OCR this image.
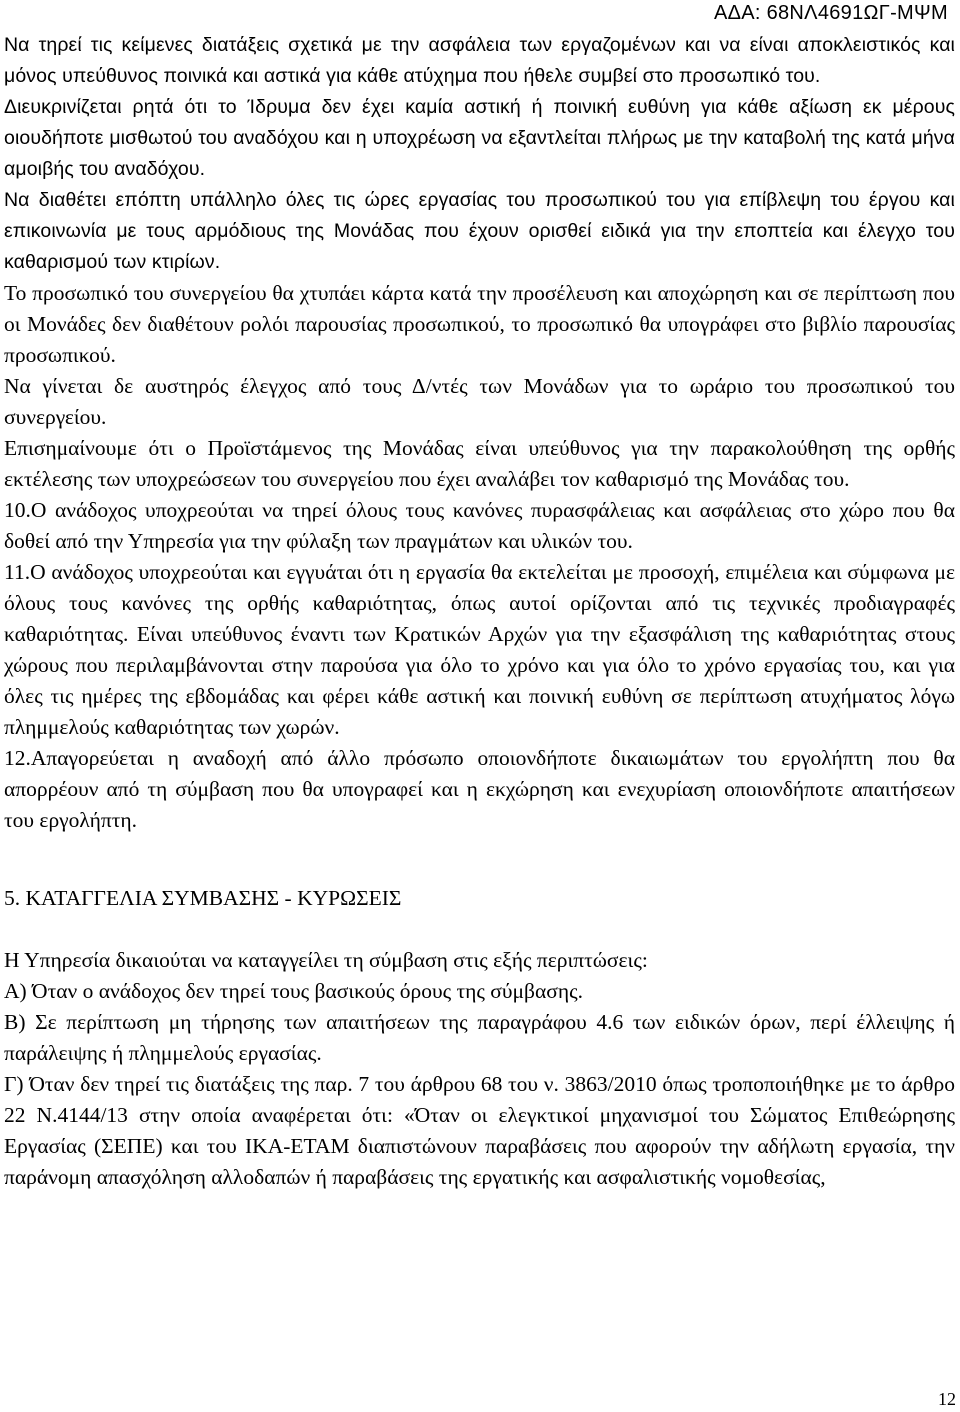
ΑΔΑ: 68ΝΛ4691ΩΓ-ΜΨΜ

Να τηρεί τις κείμενες διατάξεις σχετικά με την ασφάλεια των εργαζομένων και να είναι αποκλειστικός και μόνος υπεύθυνος ποινικά και αστικά για κάθε ατύχημα που ήθελε συμβεί στο προσωπικό του.

Διευκρινίζεται ρητά ότι το Ίδρυμα δεν έχει καμία αστική ή ποινική ευθύνη για κάθε αξίωση εκ μέρους οιουδήποτε μισθωτού του αναδόχου και η υποχρέωση να εξαντλείται πλήρως με την καταβολή της κατά μήνα αμοιβής του αναδόχου.

Να διαθέτει επόπτη υπάλληλο όλες τις ώρες εργασίας του προσωπικού του για επίβλεψη του έργου και επικοινωνία με τους αρμόδιους της Μονάδας που έχουν ορισθεί ειδικά για την εποπτεία και έλεγχο του καθαρισμού των κτιρίων.

Το προσωπικό του συνεργείου θα χτυπάει κάρτα κατά την προσέλευση και αποχώρηση και σε περίπτωση που οι Μονάδες δεν διαθέτουν ρολόι παρουσίας προσωπικού, το προσωπικό θα υπογράφει στο βιβλίο παρουσίας προσωπικού.

Να γίνεται δε αυστηρός έλεγχος από τους Δ/ντές των Μονάδων για το ωράριο του προσωπικού του συνεργείου.

Επισημαίνουμε ότι ο Προϊστάμενος της Μονάδας είναι υπεύθυνος για την παρακολούθηση της ορθής εκτέλεσης των υποχρεώσεων του συνεργείου που έχει αναλάβει τον καθαρισμό της Μονάδας του.

10.Ο ανάδοχος υποχρεούται να τηρεί όλους τους κανόνες πυρασφάλειας και ασφάλειας στο χώρο που θα δοθεί από την Υπηρεσία για την φύλαξη των πραγμάτων και υλικών του.

11.Ο ανάδοχος υποχρεούται και εγγυάται ότι η εργασία θα εκτελείται με προσοχή, επιμέλεια και σύμφωνα με όλους τους κανόνες της ορθής καθαριότητας, όπως αυτοί ορίζονται από τις τεχνικές προδιαγραφές καθαριότητας. Είναι υπεύθυνος έναντι των Κρατικών Αρχών για την εξασφάλιση της καθαριότητας στους χώρους που περιλαμβάνονται στην παρούσα για όλο το χρόνο και για όλο το χρόνο εργασίας του, και για όλες τις ημέρες της εβδομάδας και φέρει κάθε αστική και ποινική ευθύνη σε περίπτωση ατυχήματος λόγω πλημμελούς καθαριότητας των χωρών.

12.Απαγορεύεται η αναδοχή από άλλο πρόσωπο οποιονδήποτε δικαιωμάτων του εργολήπτη που θα απορρέουν από τη σύμβαση που θα υπογραφεί και η εκχώρηση και ενεχυρίαση οποιονδήποτε απαιτήσεων του εργολήπτη.

5. ΚΑΤΑΓΓΕΛΙΑ ΣΥΜΒΑΣΗΣ - ΚΥΡΩΣΕΙΣ

Η Υπηρεσία δικαιούται να καταγγείλει τη σύμβαση στις εξής περιπτώσεις:

Α) Όταν ο ανάδοχος δεν τηρεί τους βασικούς όρους της σύμβασης.

Β) Σε περίπτωση μη τήρησης των απαιτήσεων της παραγράφου 4.6 των ειδικών όρων, περί έλλειψης ή παράλειψης ή πλημμελούς εργασίας.

Γ) Όταν δεν τηρεί τις διατάξεις της παρ. 7 του άρθρου 68 του ν. 3863/2010 όπως τροποποιήθηκε με το άρθρο 22 Ν.4144/13 στην οποία αναφέρεται ότι: «Όταν οι ελεγκτικοί μηχανισμοί του Σώματος Επιθεώρησης Εργασίας (ΣΕΠΕ) και του ΙΚΑ-ΕΤΑΜ διαπιστώνουν παραβάσεις που αφορούν την αδήλωτη εργασία, την παράνομη απασχόληση αλλοδαπών ή παραβάσεις της εργατικής και ασφαλιστικής νομοθεσίας,

12
